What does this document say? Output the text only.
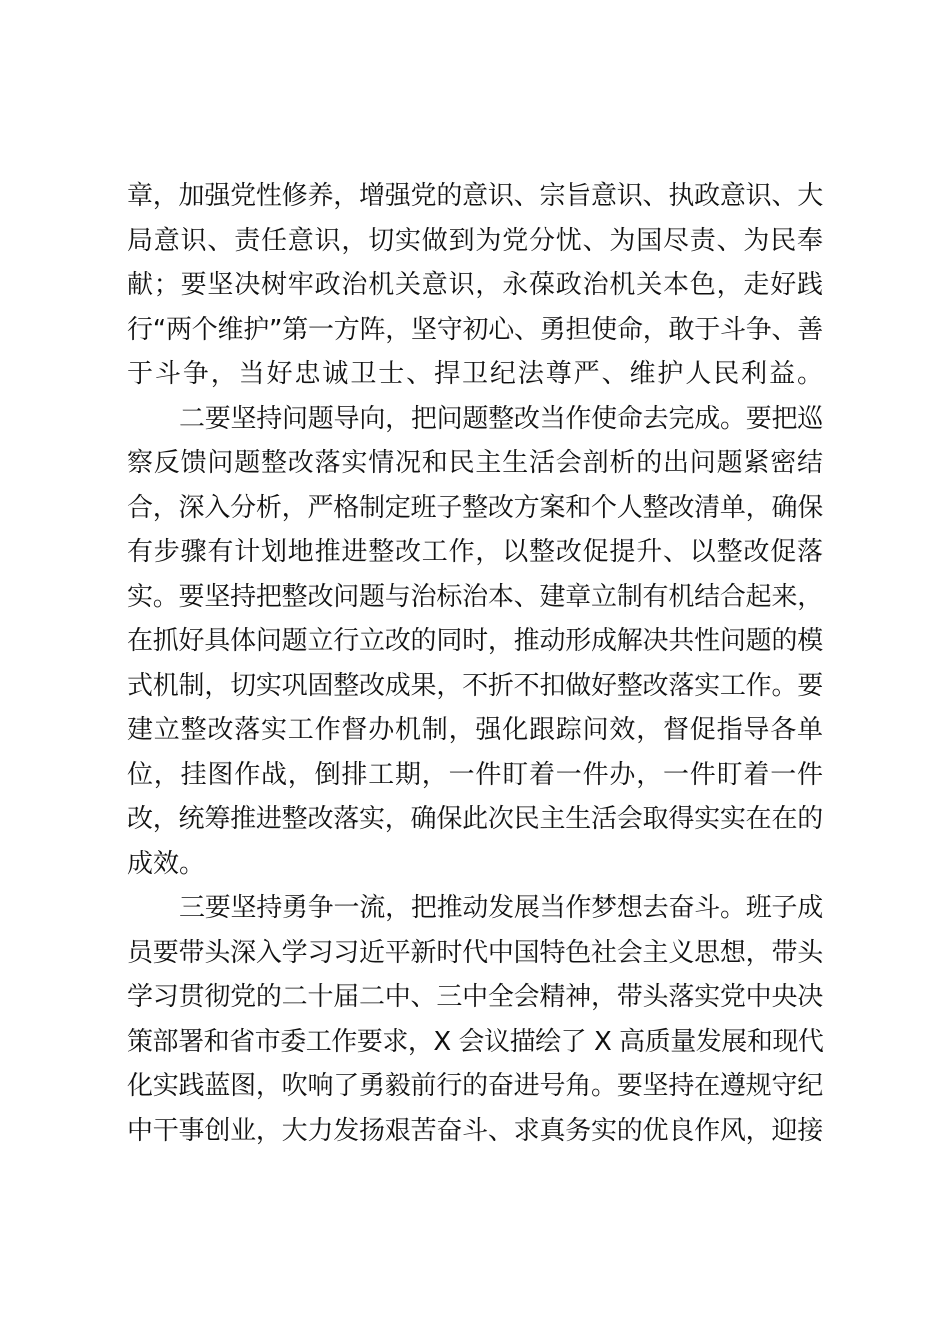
章，加强党性修养，增强党的意识、宗旨意识、执政意识、大
局意识、责任意识，切实做到为党分忧、为国尽责、为民奉
献；要坚决树牢政治机关意识，永葆政治机关本色，走好践
行“两个维护”第一方阵，坚守初心、勇担使命，敢于斗争、善
于斗争，当好忠诚卫士、捍卫纪法尊严、维护人民利益。
二要坚持问题导向，把问题整改当作使命去完成。要把巡
察反馈问题整改落实情况和民主生活会剖析的出问题紧密结
合，深入分析，严格制定班子整改方案和个人整改清单，确保
有步骤有计划地推进整改工作，以整改促提升、以整改促落
实。要坚持把整改问题与治标治本、建章立制有机结合起来，
在抓好具体问题立行立改的同时，推动形成解决共性问题的模
式机制，切实巩固整改成果，不折不扣做好整改落实工作。要
建立整改落实工作督办机制，强化跟踪问效，督促指导各单
位，挂图作战，倒排工期，一件盯着一件办，一件盯着一件
改，统筹推进整改落实，确保此次民主生活会取得实实在在的
成效。
三要坚持勇争一流，把推动发展当作梦想去奋斗。班子成
员要带头深入学习习近平新时代中国特色社会主义思想，带头
学习贯彻党的二十届二中、三中全会精神，带头落实党中央决
策部署和省市委工作要求，X 会议描绘了 X 高质量发展和现代
化实践蓝图，吹响了勇毅前行的奋进号角。要坚持在遵规守纪
中干事创业，大力发扬艰苦奋斗、求真务实的优良作风，迎接
